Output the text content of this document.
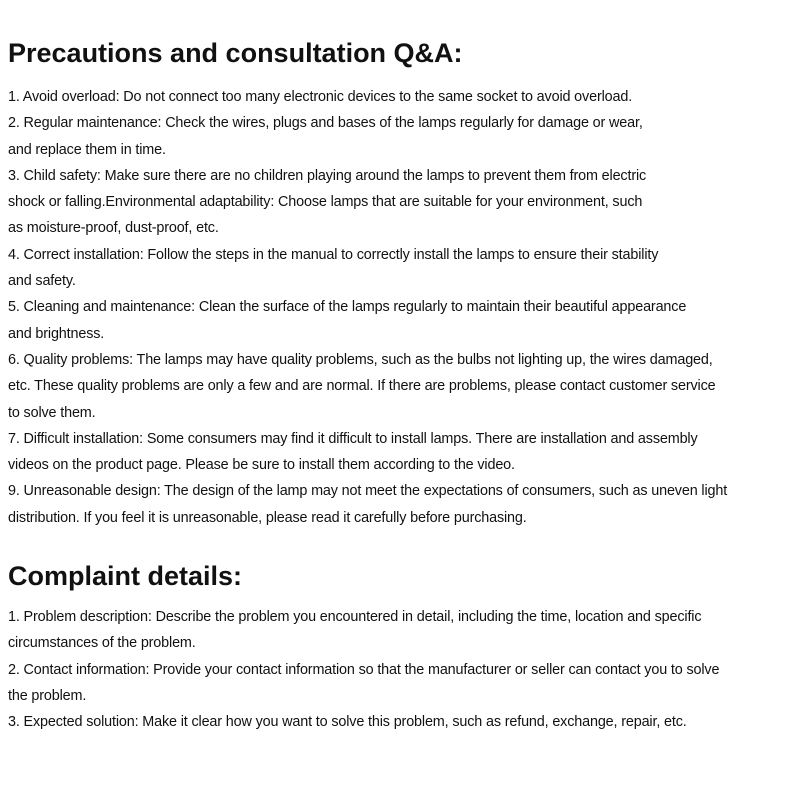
Precautions and consultation Q&A:
1. Avoid overload: Do not connect too many electronic devices to the same socket to avoid overload.
2. Regular maintenance: Check the wires, plugs and bases of the lamps regularly for damage or wear,
and replace them in time.
3. Child safety: Make sure there are no children playing around the lamps to prevent them from electric
shock or falling.Environmental adaptability: Choose lamps that are suitable for your environment, such
as moisture-proof, dust-proof, etc.
4. Correct installation: Follow the steps in the manual to correctly install the lamps to ensure their stability
and safety.
5. Cleaning and maintenance: Clean the surface of the lamps regularly to maintain their beautiful appearance
and brightness.
6. Quality problems: The lamps may have quality problems, such as the bulbs not lighting up, the wires damaged,
etc. These quality problems are only a few and are normal. If there are problems, please contact customer service
to solve them.
7. Difficult installation: Some consumers may find it difficult to install lamps. There are installation and assembly
videos on the product page. Please be sure to install them according to the video.
9. Unreasonable design: The design of the lamp may not meet the expectations of consumers, such as uneven light
distribution. If you feel it is unreasonable, please read it carefully before purchasing.
Complaint details:
1. Problem description: Describe the problem you encountered in detail, including the time, location and specific
circumstances of the problem.
2. Contact information: Provide your contact information so that the manufacturer or seller can contact you to solve
the problem.
3. Expected solution: Make it clear how you want to solve this problem, such as refund, exchange, repair, etc.
